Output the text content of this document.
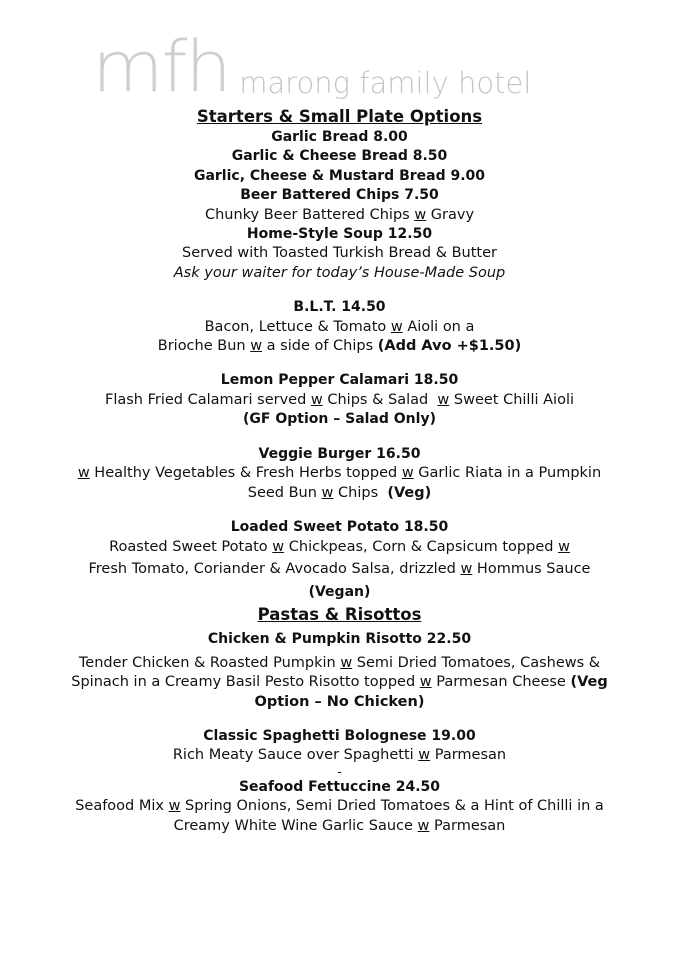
mfh marong family hotel
Starters & Small Plate Options
Garlic Bread 8.00
Garlic & Cheese Bread 8.50
Garlic, Cheese & Mustard Bread 9.00
Beer Battered Chips 7.50
Chunky Beer Battered Chips w Gravy
Home-Style Soup 12.50
Served with Toasted Turkish Bread & Butter
Ask your waiter for today’s House-Made Soup
B.L.T. 14.50
Bacon, Lettuce & Tomato w Aioli on a
Brioche Bun w a side of Chips (Add Avo +$1.50)
Lemon Pepper Calamari 18.50
Flash Fried Calamari served w Chips & Salad  w Sweet Chilli Aioli
(GF Option – Salad Only)
Veggie Burger 16.50
w Healthy Vegetables & Fresh Herbs topped w Garlic Riata in a Pumpkin
Seed Bun w Chips  (Veg)
Loaded Sweet Potato 18.50
Roasted Sweet Potato w Chickpeas, Corn & Capsicum topped w
Fresh Tomato, Coriander & Avocado Salsa, drizzled w Hommus Sauce
(Vegan)
Pastas & Risottos
Chicken & Pumpkin Risotto 22.50
Tender Chicken & Roasted Pumpkin w Semi Dried Tomatoes, Cashews &
Spinach in a Creamy Basil Pesto Risotto topped w Parmesan Cheese (Veg
Option – No Chicken)
Classic Spaghetti Bolognese 19.00
Rich Meaty Sauce over Spaghetti w Parmesan
-
Seafood Fettuccine 24.50
Seafood Mix w Spring Onions, Semi Dried Tomatoes & a Hint of Chilli in a
Creamy White Wine Garlic Sauce w Parmesan
